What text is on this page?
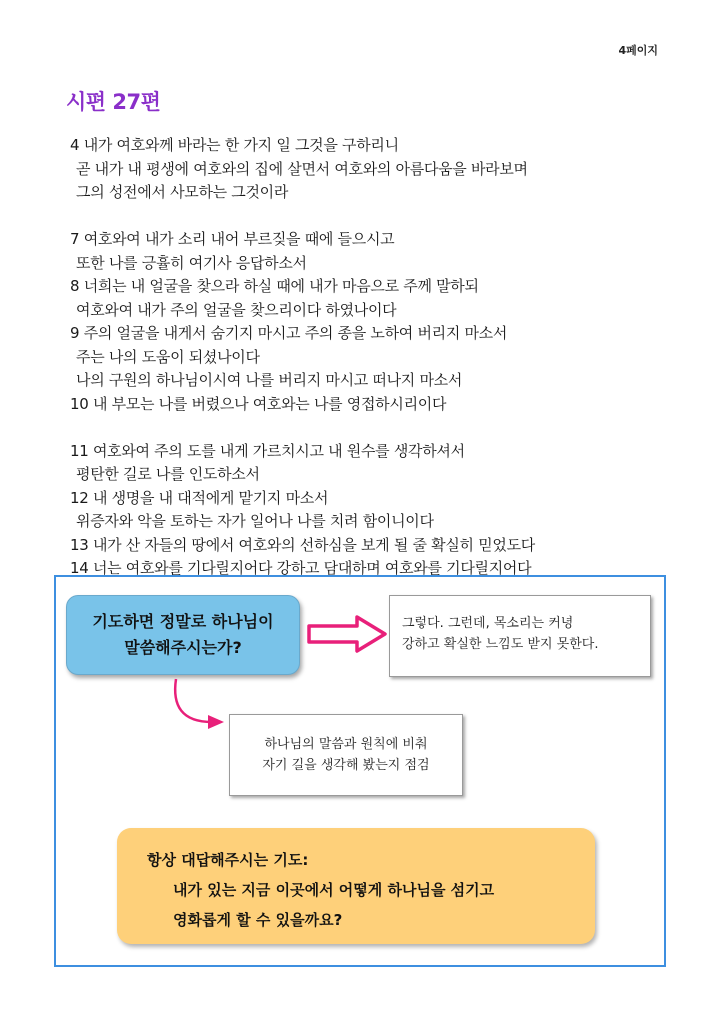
4페이지
시편 27편
4 내가 여호와께 바라는 한 가지 일 그것을 구하리니
곧 내가 내 평생에 여호와의 집에 살면서 여호와의 아름다움을 바라보며
그의 성전에서 사모하는 그것이라
7 여호와여 내가 소리 내어 부르짖을 때에 들으시고
또한 나를 긍휼히 여기사 응답하소서
8 너희는 내 얼굴을 찾으라 하실 때에 내가 마음으로 주께 말하되
여호와여 내가 주의 얼굴을 찾으리이다 하였나이다
9 주의 얼굴을 내게서 숨기지 마시고 주의 종을 노하여 버리지 마소서
주는 나의 도움이 되셨나이다
나의 구원의 하나님이시여 나를 버리지 마시고 떠나지 마소서
10 내 부모는 나를 버렸으나 여호와는 나를 영접하시리이다
11 여호와여 주의 도를 내게 가르치시고 내 원수를 생각하셔서
평탄한 길로 나를 인도하소서
12 내 생명을 내 대적에게 맡기지 마소서
위증자와 악을 토하는 자가 일어나 나를 치려 함이니이다
13 내가 산 자들의 땅에서 여호와의 선하심을 보게 될 줄 확실히 믿었도다
14 너는 여호와를 기다릴지어다 강하고 담대하며 여호와를 기다릴지어다
기도하면 정말로 하나님이
말씀해주시는가?
그렇다. 그런데, 목소리는 커녕
강하고 확실한 느낌도 받지 못한다.
하나님의 말씀과 원칙에 비춰
자기 길을 생각해 봤는지 점검
항상 대답해주시는 기도:
내가 있는 지금 이곳에서 어떻게 하나님을 섬기고
영화롭게 할 수 있을까요?
